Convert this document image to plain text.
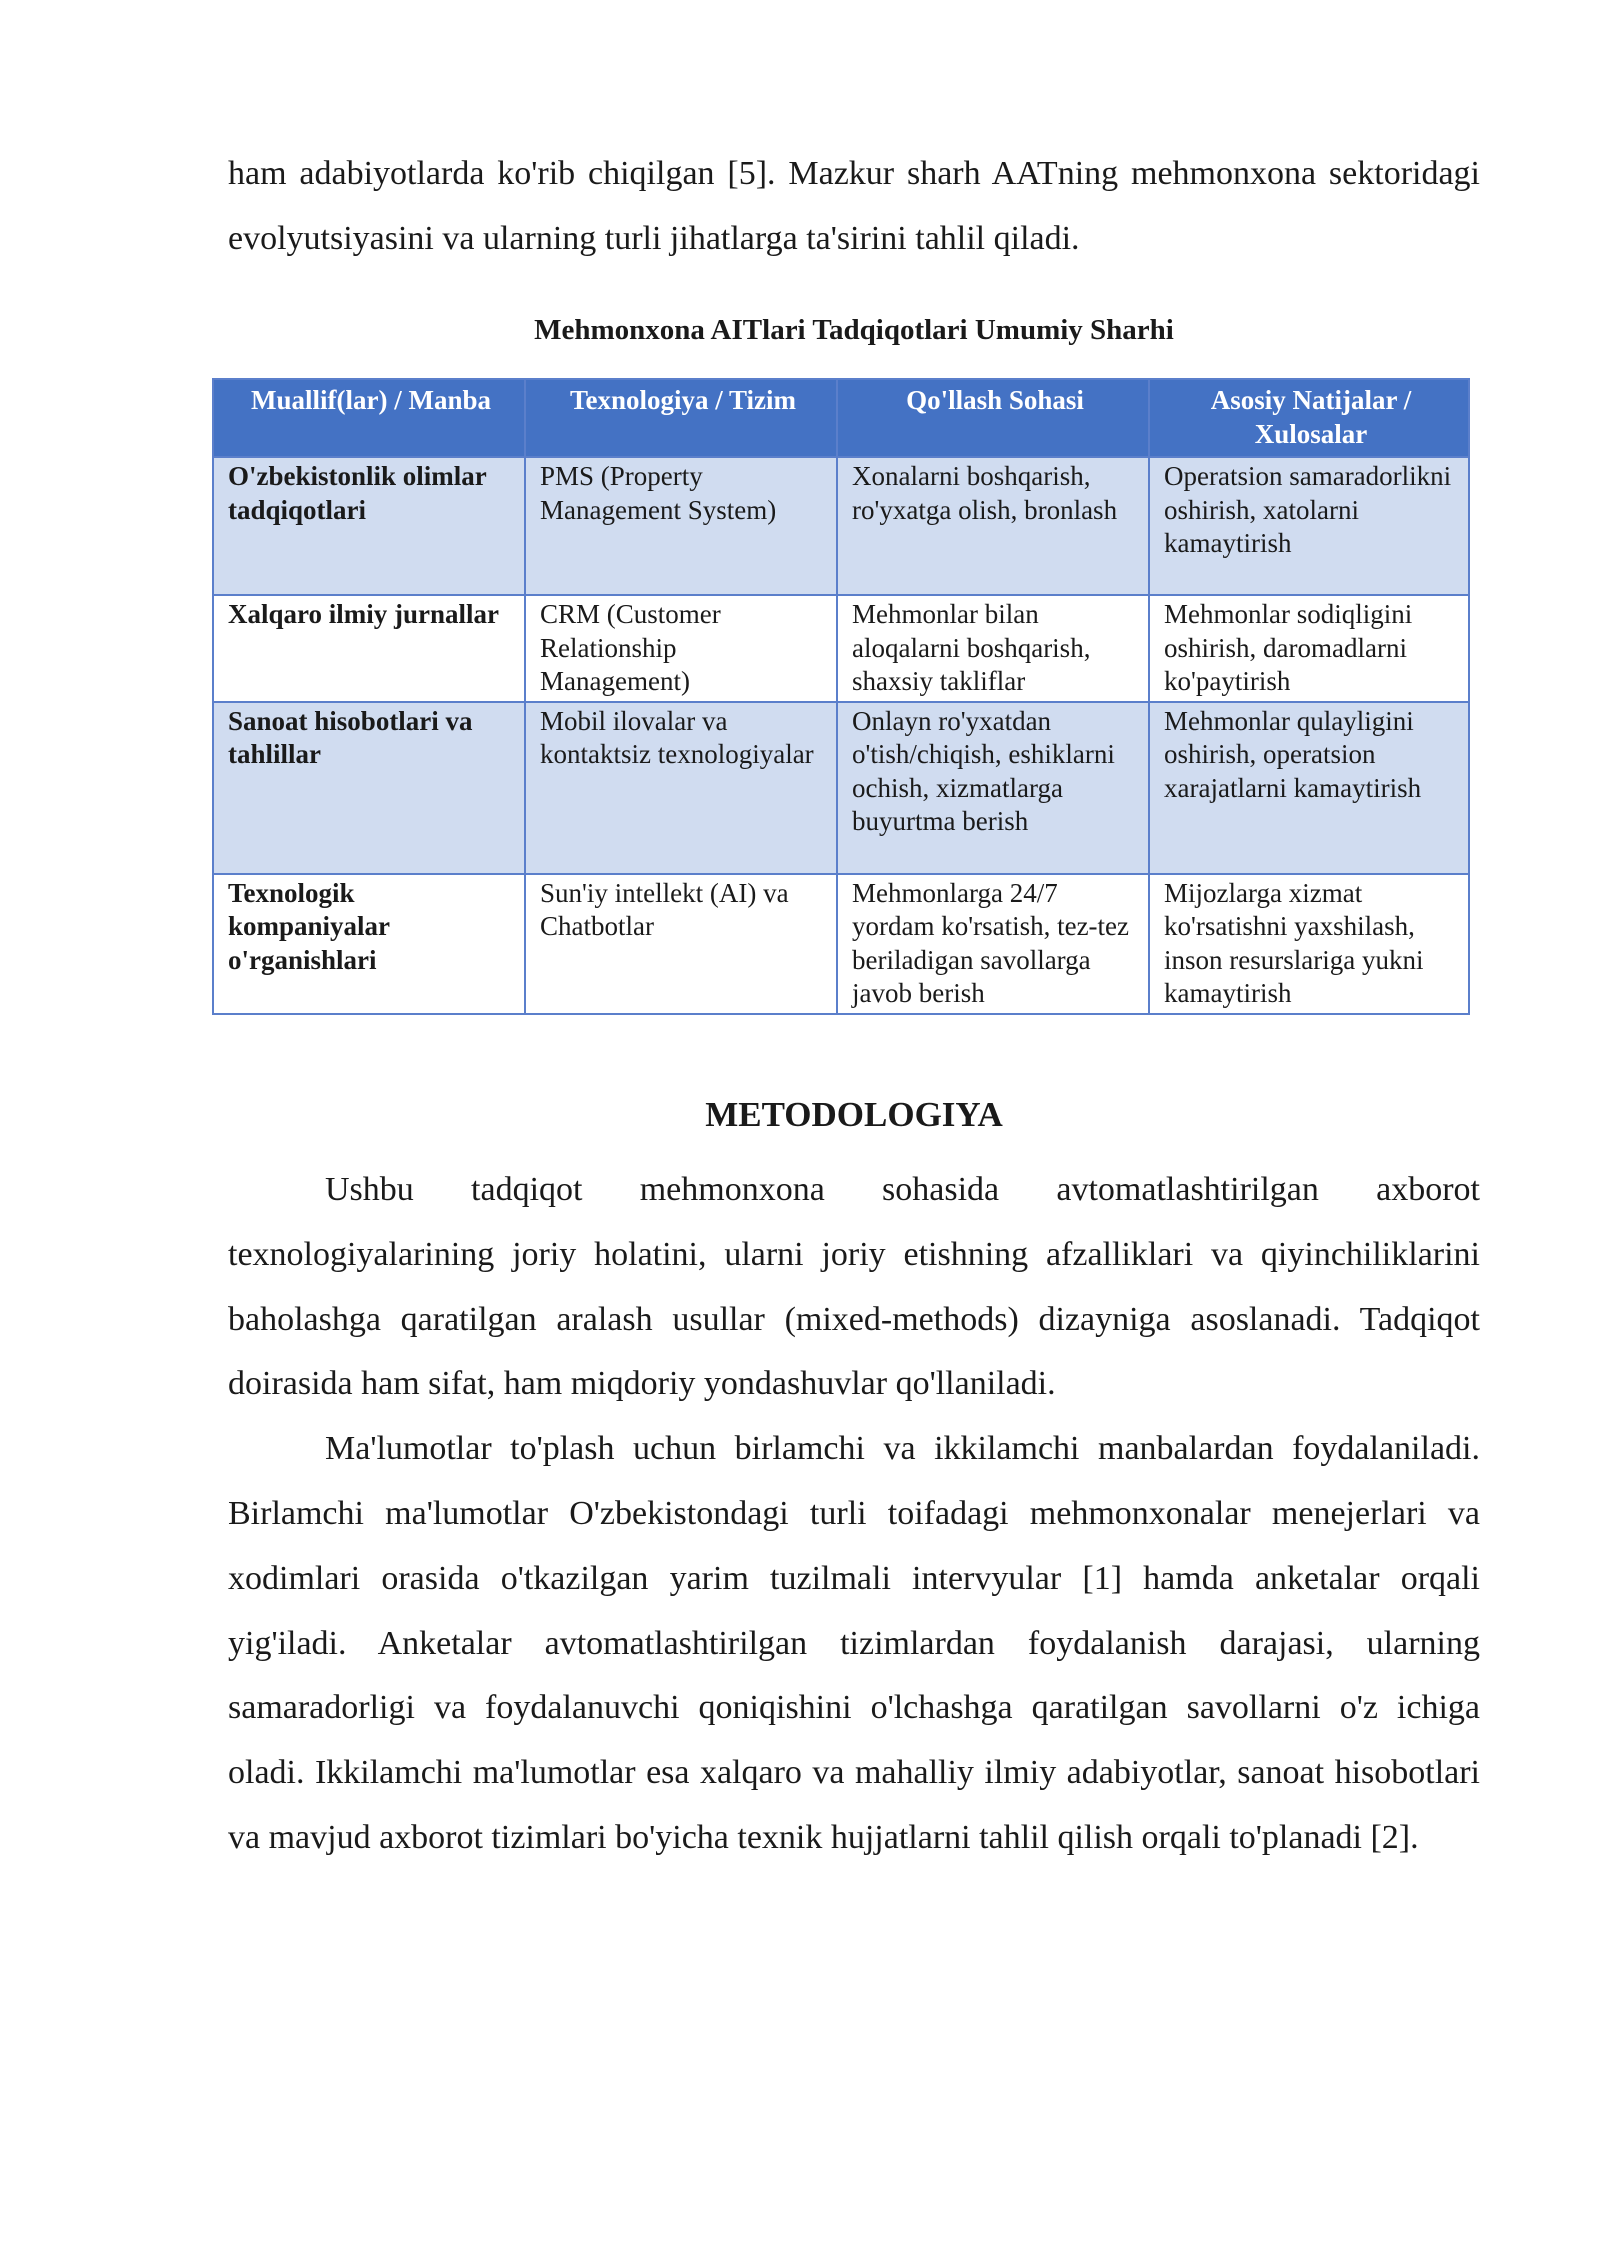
ham adabiyotlarda ko'rib chiqilgan [5]. Mazkur sharh AATning mehmonxona sektoridagi evolyutsiyasini va ularning turli jihatlarga ta'sirini tahlil qiladi.

Mehmonxona AITlari Tadqiqotlari Umumiy Sharhi
Muallif(lar) / Manba	Texnologiya / Tizim	Qo'llash Sohasi	Asosiy Natijalar / Xulosalar
O'zbekistonlik olimlar tadqiqotlari	PMS (Property Management System)	Xonalarni boshqarish, ro'yxatga olish, bronlash	Operatsion samaradorlikni oshirish, xatolarni kamaytirish
Xalqaro ilmiy jurnallar	CRM (Customer Relationship Management)	Mehmonlar bilan aloqalarni boshqarish, shaxsiy takliflar	Mehmonlar sodiqligini oshirish, daromadlarni ko'paytirish
Sanoat hisobotlari va tahlillar	Mobil ilovalar va kontaktsiz texnologiyalar	Onlayn ro'yxatdan o'tish/chiqish, eshiklarni ochish, xizmatlarga buyurtma berish	Mehmonlar qulayligini oshirish, operatsion xarajatlarni kamaytirish
Texnologik kompaniyalar o'rganishlari	Sun'iy intellekt (AI) va Chatbotlar	Mehmonlarga 24/7 yordam ko'rsatish, tez-tez beriladigan savollarga javob berish	Mijozlarga xizmat ko'rsatishni yaxshilash, inson resurslariga yukni kamaytirish
METODOLOGIYA

Ushbu tadqiqot mehmonxona sohasida avtomatlashtirilgan axborot texnologiyalarining joriy holatini, ularni joriy etishning afzalliklari va qiyinchiliklarini baholashga qaratilgan aralash usullar (mixed-methods) dizayniga asoslanadi. Tadqiqot doirasida ham sifat, ham miqdoriy yondashuvlar qo'llaniladi.

Ma'lumotlar to'plash uchun birlamchi va ikkilamchi manbalardan foydalaniladi. Birlamchi ma'lumotlar O'zbekistondagi turli toifadagi mehmonxonalar menejerlari va xodimlari orasida o'tkazilgan yarim tuzilmali intervyular [1] hamda anketalar orqali yig'iladi. Anketalar avtomatlashtirilgan tizimlardan foydalanish darajasi, ularning samaradorligi va foydalanuvchi qoniqishini o'lchashga qaratilgan savollarni o'z ichiga oladi. Ikkilamchi ma'lumotlar esa xalqaro va mahalliy ilmiy adabiyotlar, sanoat hisobotlari va mavjud axborot tizimlari bo'yicha texnik hujjatlarni tahlil qilish orqali to'planadi [2].
